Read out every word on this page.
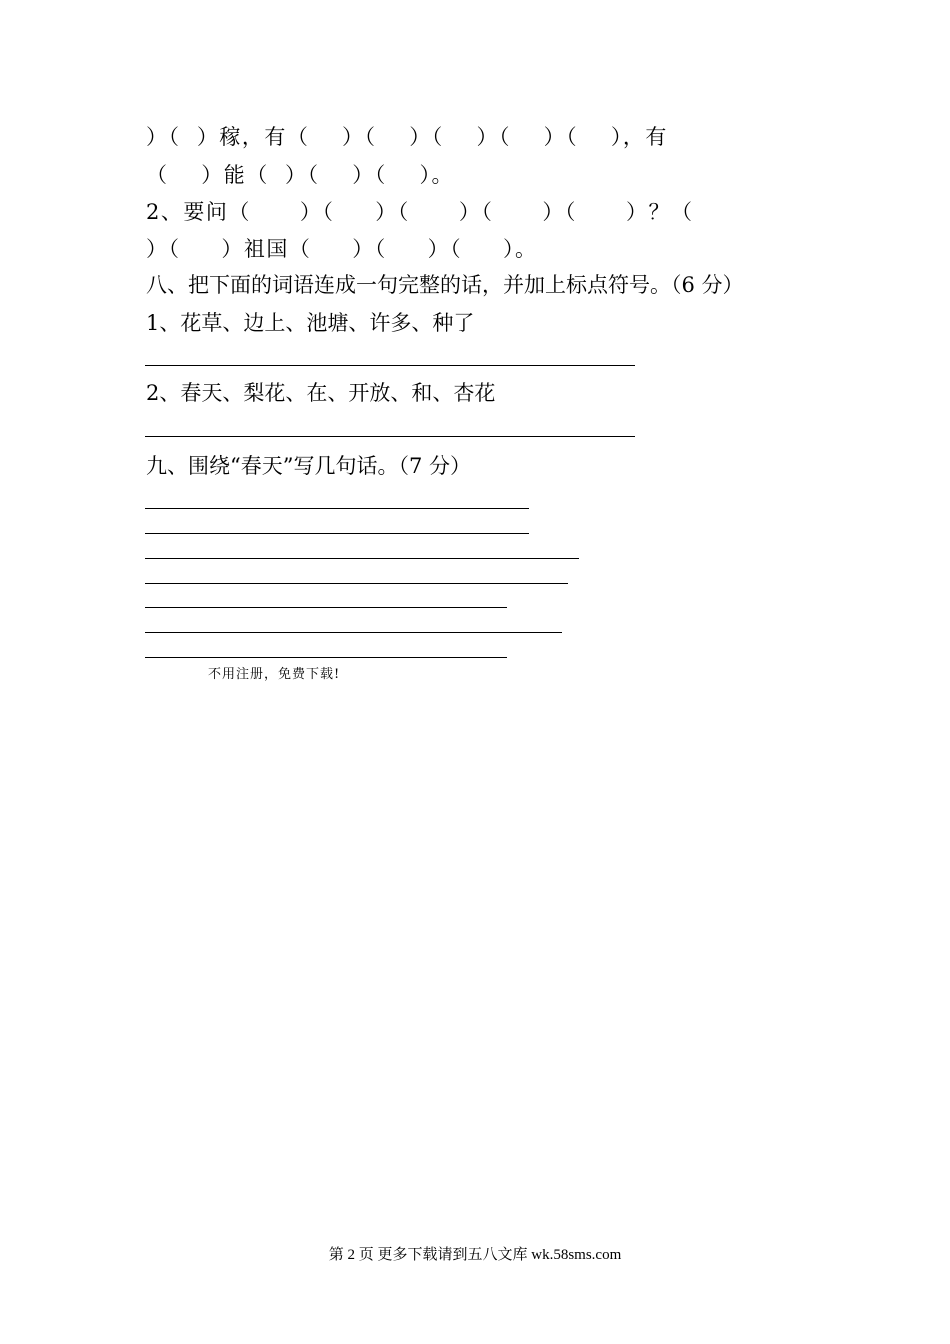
）（  ）稼，有（    ）（    ）（    ）（    ）（    ），有
（    ）能（  ）（    ）（    ）。
2、要问（      ）（     ）（      ）（      ）（      ）？（
）（     ）祖国（     ）（     ）（     ）。
八、把下面的词语连成一句完整的话，并加上标点符号。（6 分）
1、花草、边上、池塘、许多、种了
2、春天、梨花、在、开放、和、杏花
九、围绕“春天”写几句话。（7 分）
不用注册，免费下载!
第 2 页 更多下载请到五八文库 wk.58sms.com
